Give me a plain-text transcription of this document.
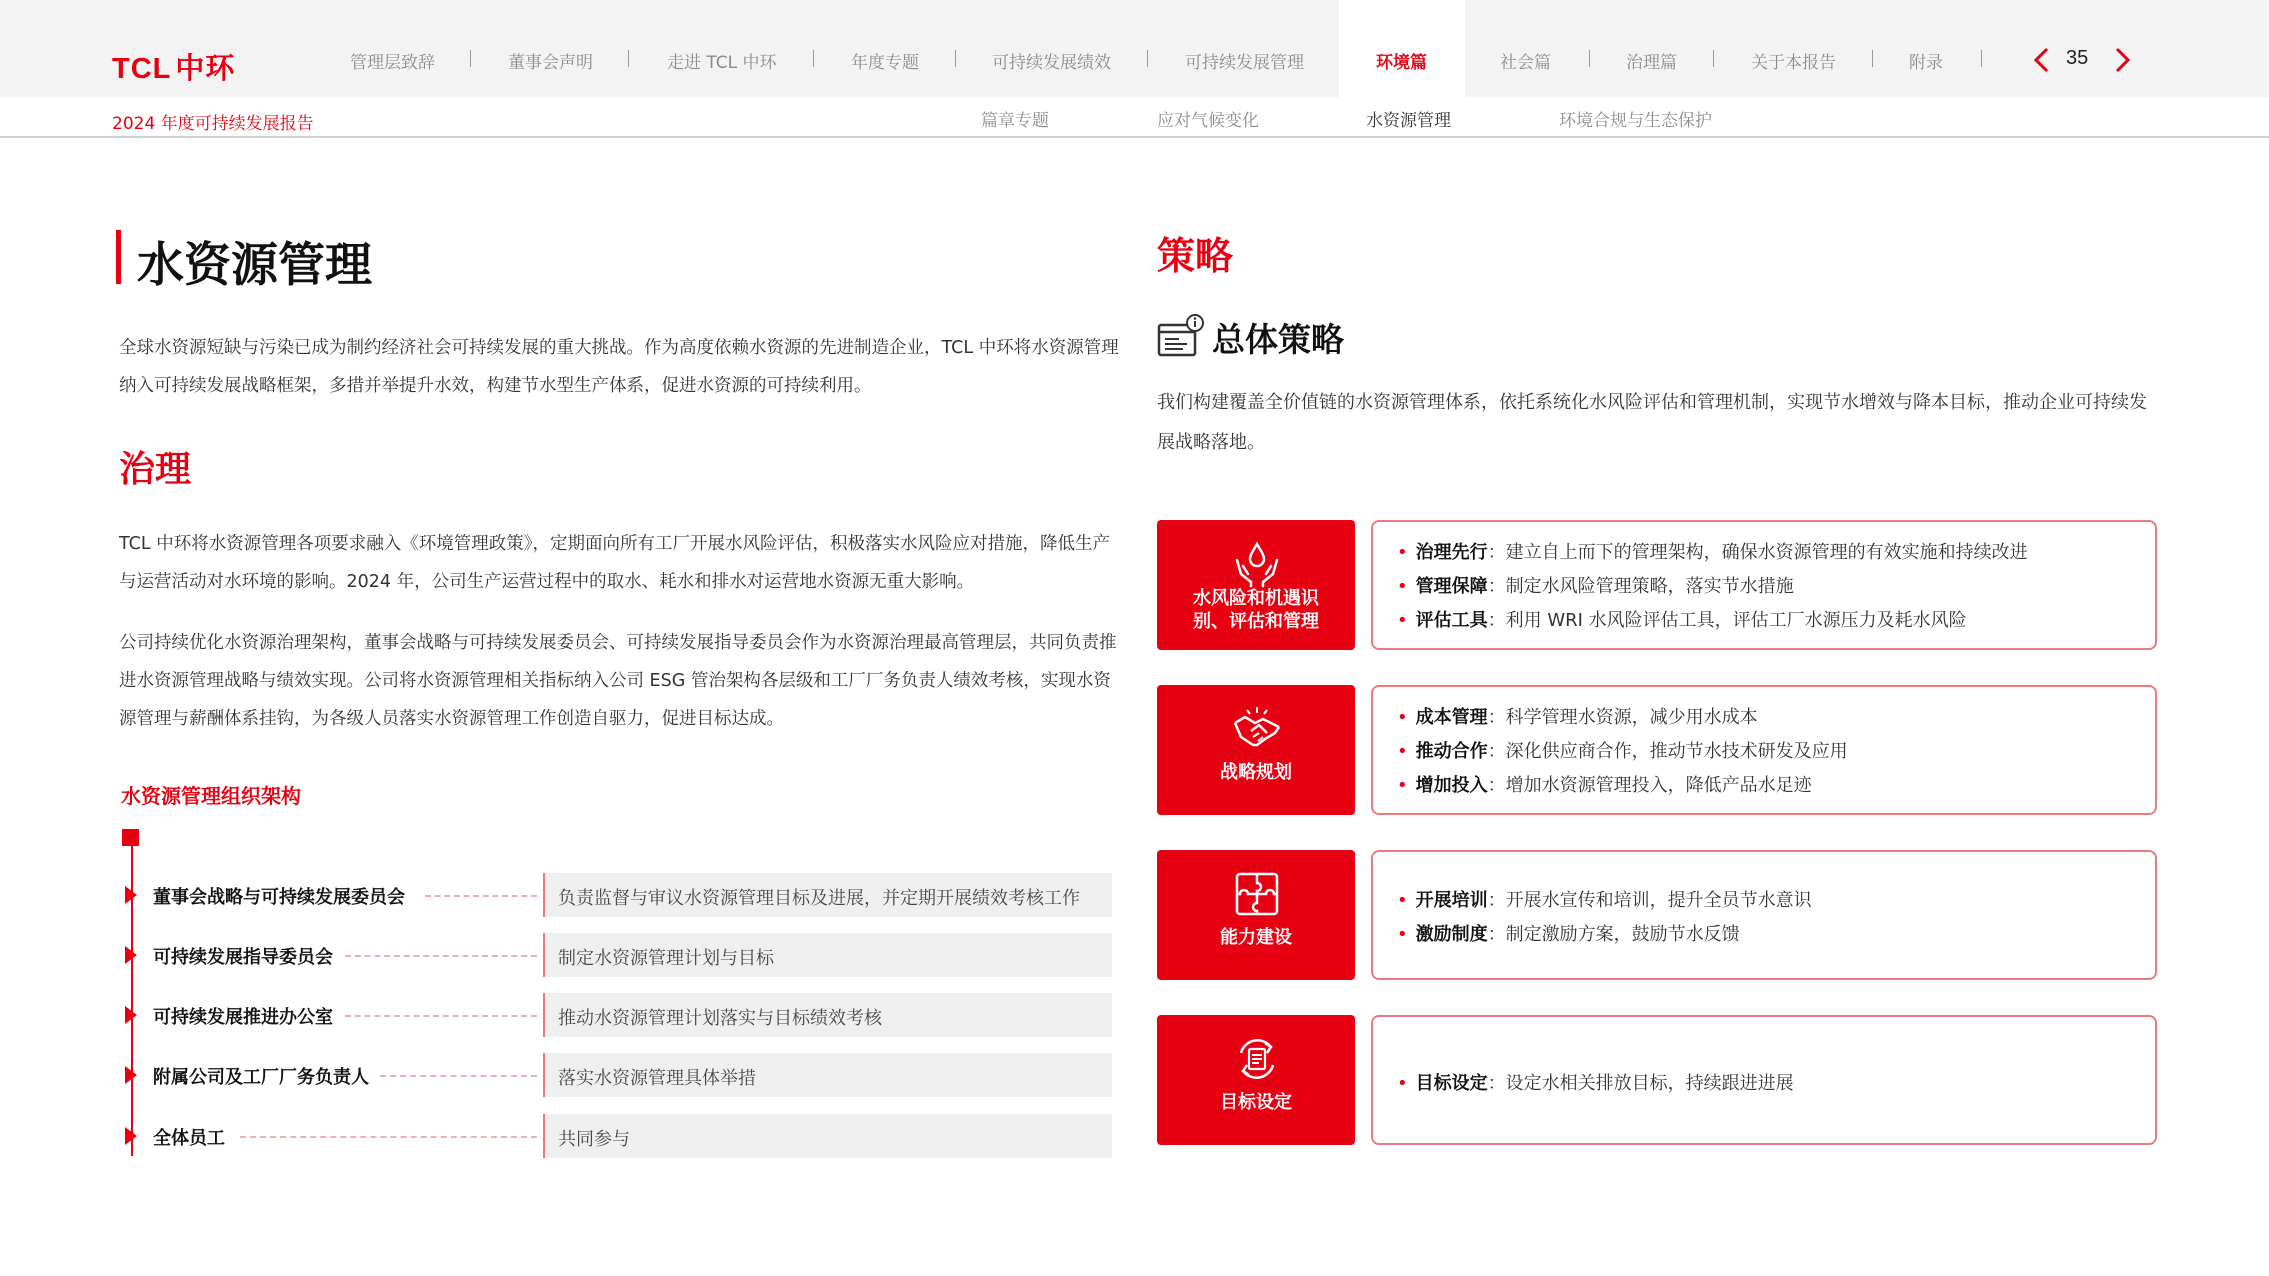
TCL 中环	管理层致辞	董事会声明	走进 TCL 中环	年度专题	可持续发展绩效	可持续发展管理	环境篇	社会篇	治理篇	关于本报告	附录	35
2024 年度可持续发展报告	篇章专题	应对气候变化	水资源管理	环境合规与生态保护
水资源管理

全球水资源短缺与污染已成为制约经济社会可持续发展的重大挑战。作为高度依赖水资源的先进制造企业，TCL 中环将水资源管理纳入可持续发展战略框架，多措并举提升水效，构建节水型生产体系，促进水资源的可持续利用。

治理

TCL 中环将水资源管理各项要求融入《环境管理政策》，定期面向所有工厂开展水风险评估，积极落实水风险应对措施，降低生产与运营活动对水环境的影响。2024 年，公司生产运营过程中的取水、耗水和排水对运营地水资源无重大影响。

公司持续优化水资源治理架构，董事会战略与可持续发展委员会、可持续发展指导委员会作为水资源治理最高管理层，共同负责推进水资源管理战略与绩效实现。公司将水资源管理相关指标纳入公司 ESG 管治架构各层级和工厂厂务负责人绩效考核，实现水资源管理与薪酬体系挂钩，为各级人员落实水资源管理工作创造自驱力，促进目标达成。

水资源管理组织架构
董事会战略与可持续发展委员会	负责监督与审议水资源管理目标及进展，并定期开展绩效考核工作
可持续发展指导委员会	制定水资源管理计划与目标
可持续发展推进办公室	推动水资源管理计划落实与目标绩效考核
附属公司及工厂厂务负责人	落实水资源管理具体举措
全体员工	共同参与
策略
总体策略

我们构建覆盖全价值链的水资源管理体系，依托系统化水风险评估和管理机制，实现节水增效与降本目标，推动企业可持续发展战略落地。

水风险和机遇识
别、评估和管理
• 治理先行：建立自上而下的管理架构，确保水资源管理的有效实施和持续改进
• 管理保障：制定水风险管理策略，落实节水措施
• 评估工具：利用 WRI 水风险评估工具，评估工厂水源压力及耗水风险
战略规划
• 成本管理：科学管理水资源，减少用水成本
• 推动合作：深化供应商合作，推动节水技术研发及应用
• 增加投入：增加水资源管理投入，降低产品水足迹
能力建设
• 开展培训：开展水宣传和培训，提升全员节水意识
• 激励制度：制定激励方案，鼓励节水反馈
目标设定
• 目标设定：设定水相关排放目标，持续跟进进展
